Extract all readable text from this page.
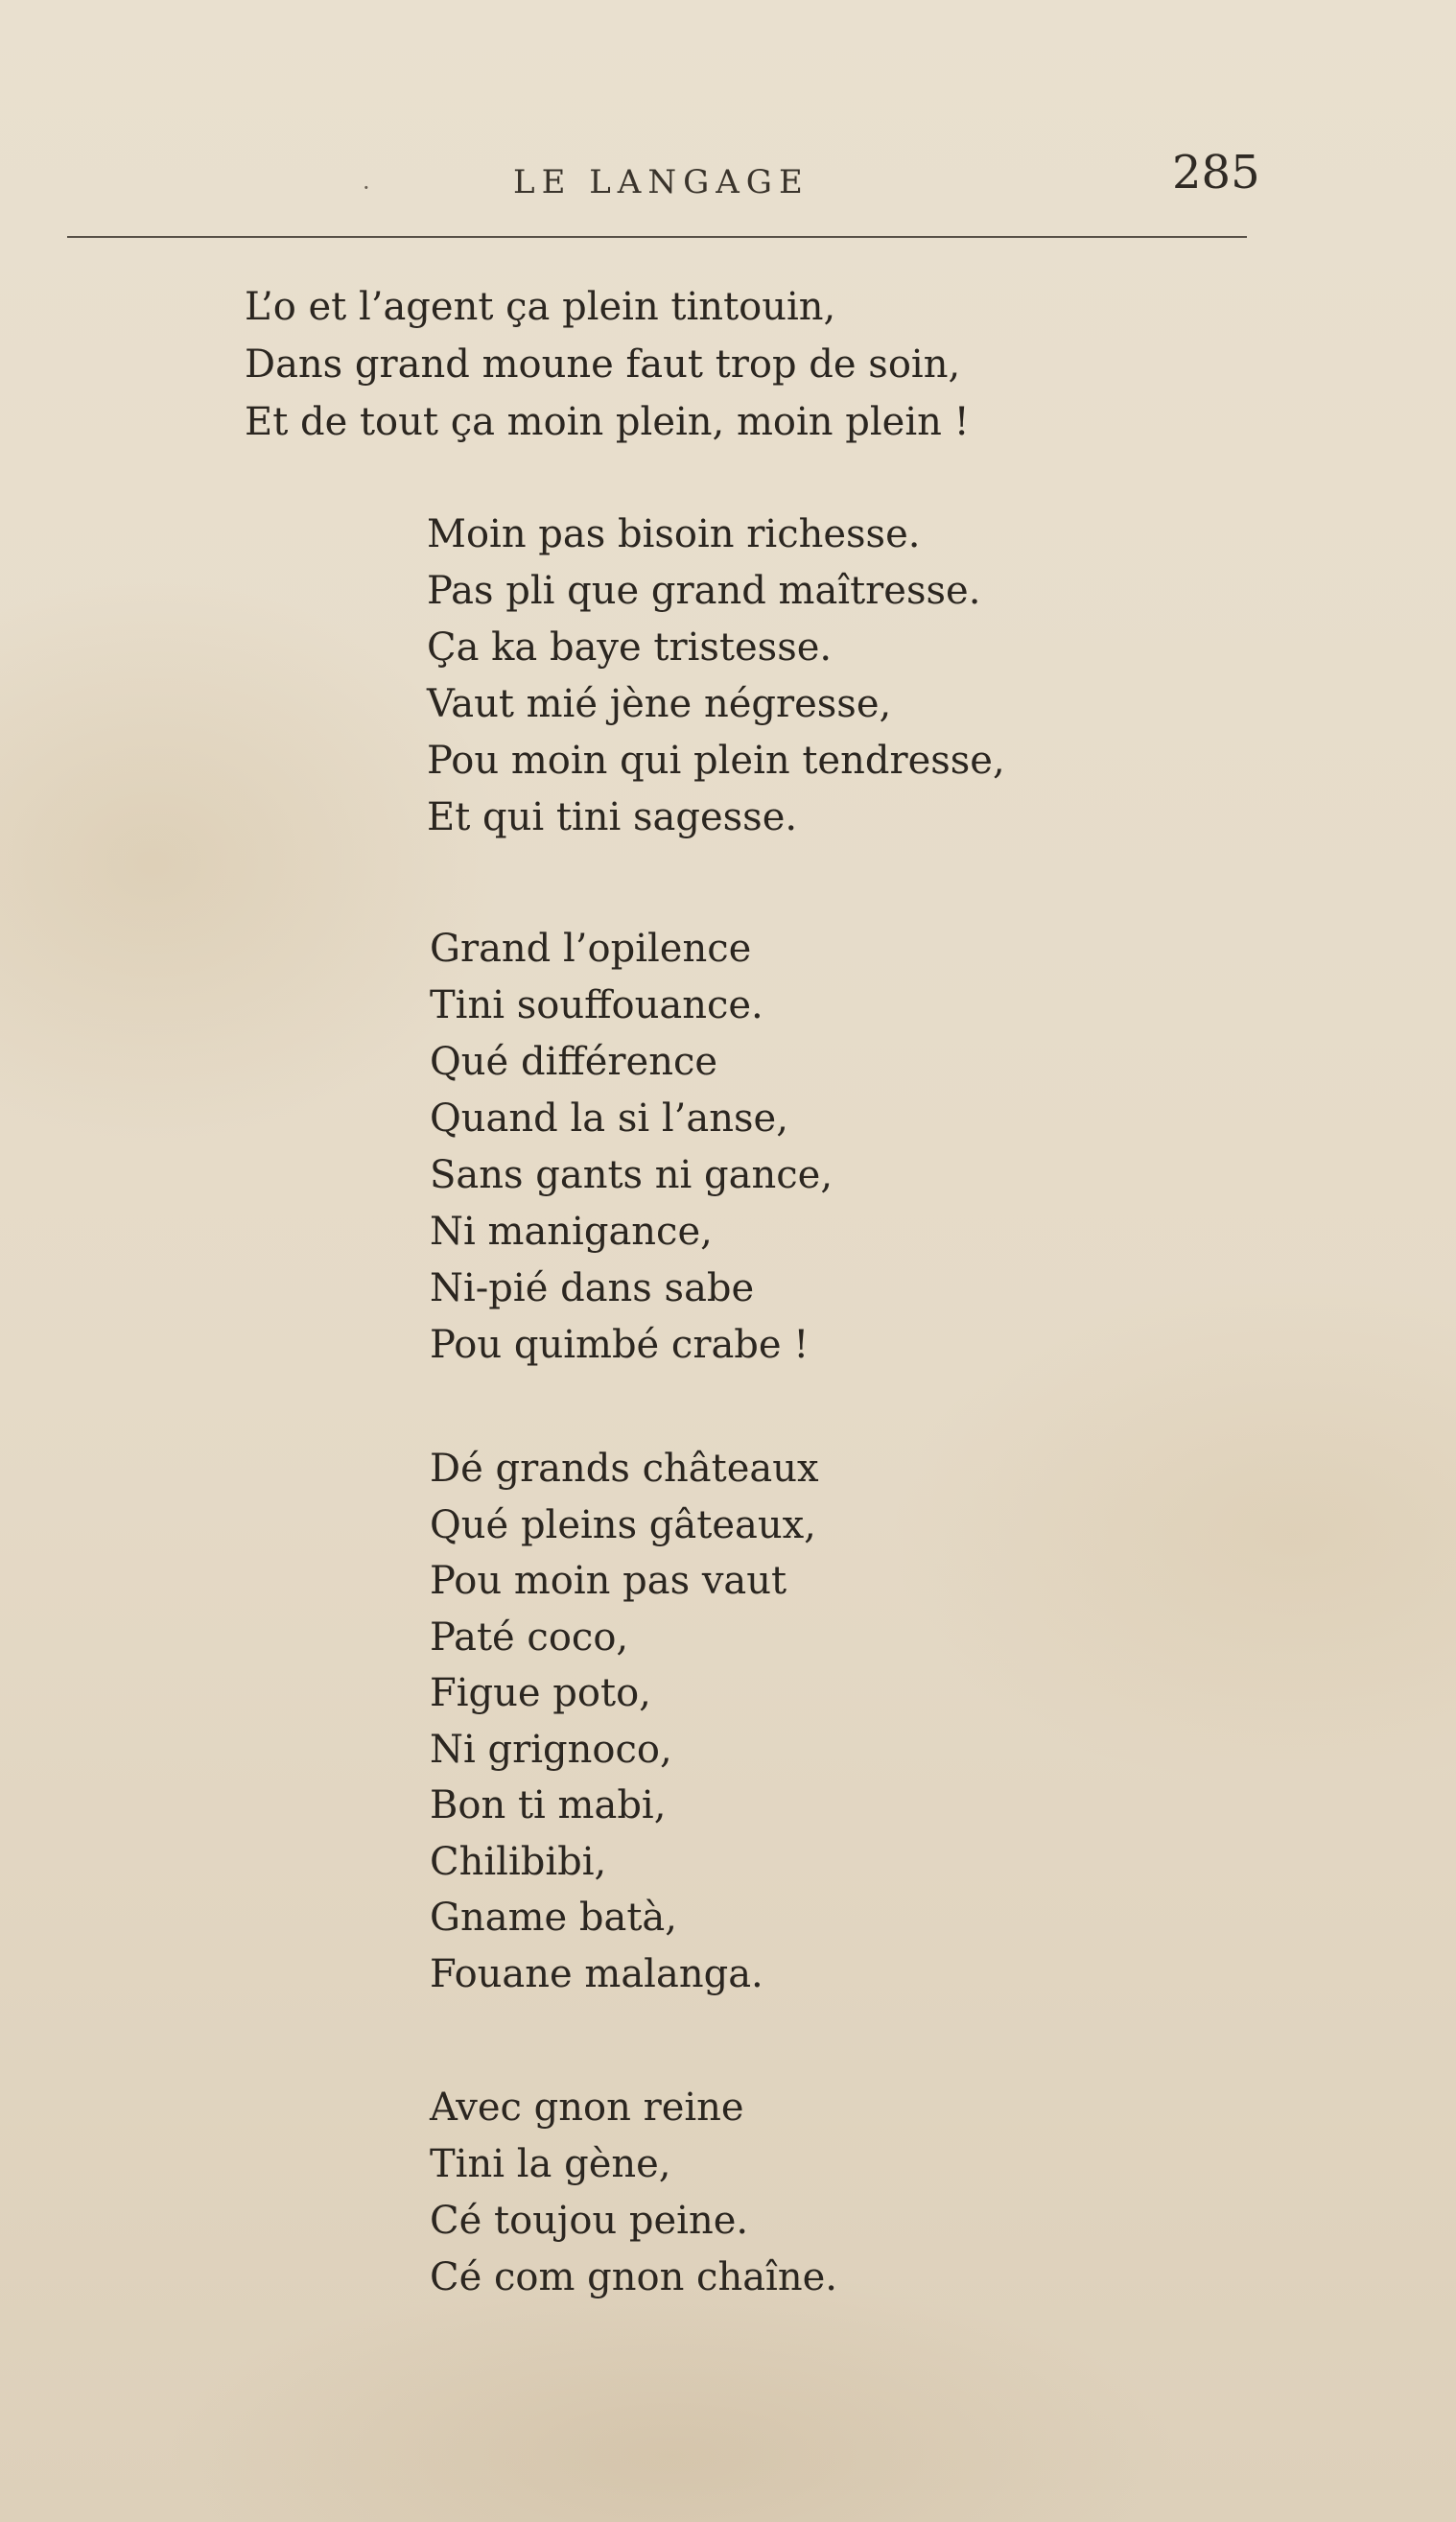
·	LE LANGAGE	285
L’o et l’agent ça plein tintouin,
Dans grand moune faut trop de soin,
Et de tout ça moin plein, moin plein !
Moin pas bisoin richesse.
Pas pli que grand maîtresse.
Ça ka baye tristesse.
Vaut mié jène négresse,
Pou moin qui plein tendresse,
Et qui tini sagesse.
Grand l’opilence
Tini souffouance.
Qué différence
Quand la si l’anse,
Sans gants ni gance,
Ni manigance,
Ni-pié dans sabe
Pou quimbé crabe !
Dé grands châteaux
Qué pleins gâteaux,
Pou moin pas vaut
Paté coco,
Figue poto,
Ni grignoco,
Bon ti mabi,
Chilibibi,
Gname batà,
Fouane malanga.
Avec gnon reine
Tini la gène,
Cé toujou peine.
Cé com gnon chaîne.
